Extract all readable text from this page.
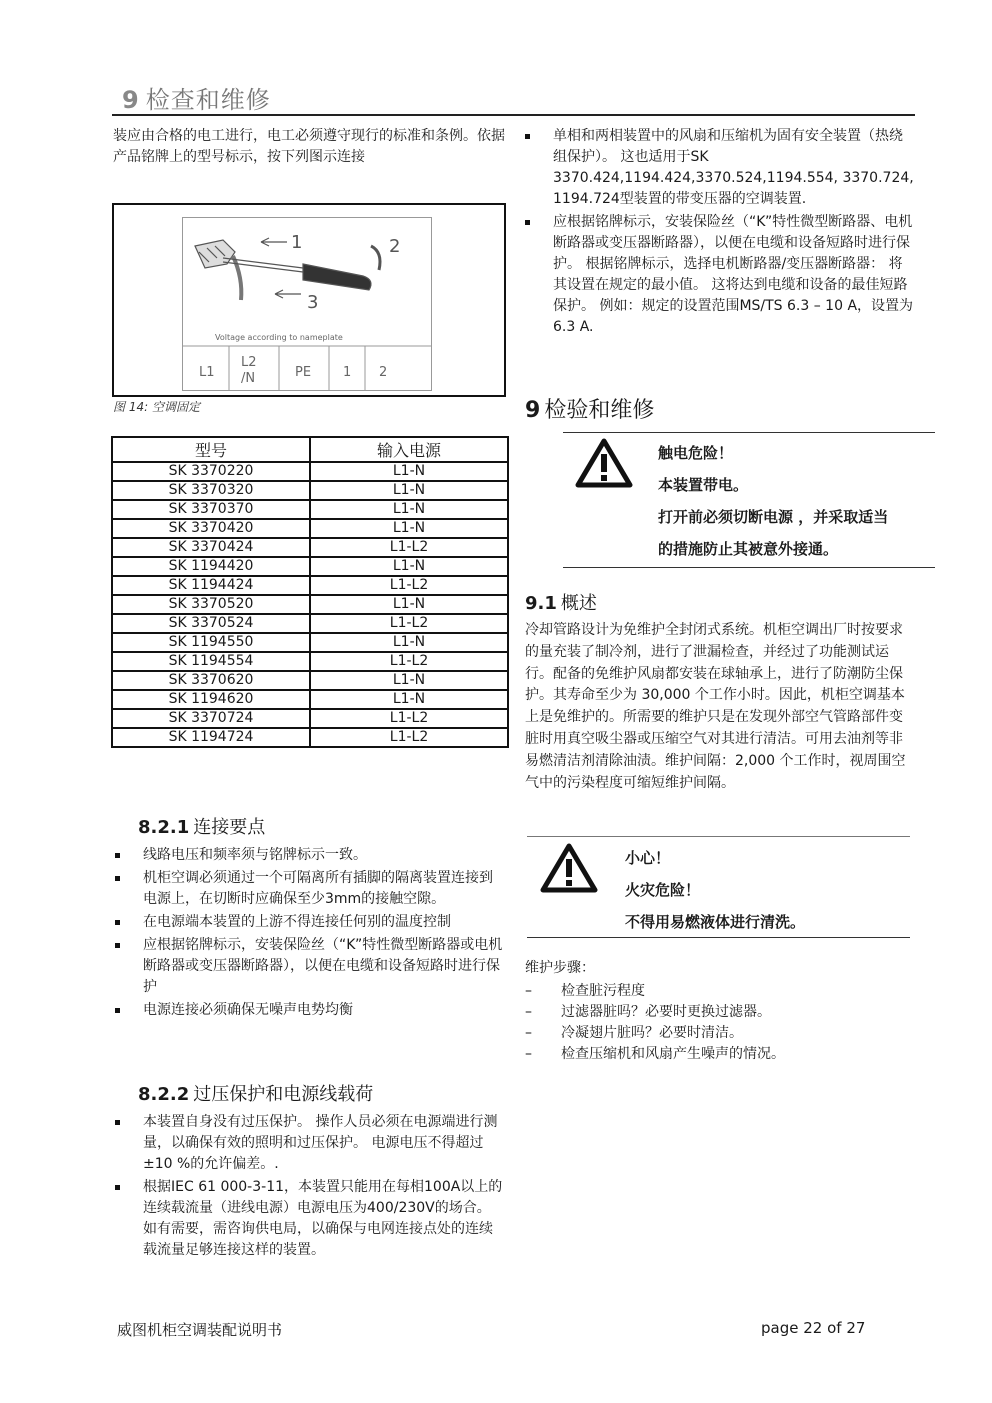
9 检查和维修
装应由合格的电工进行，电工必须遵守现行的标准和条例。依据产品铭牌上的型号标示，按下列图示连接
1	2
3
Voltage according to nameplate
L1
L2 /N	PE 1 2
图 14: 空调固定
型号	输入电源
SK 3370220	L1-N
SK 3370320	L1-N
SK 3370370	L1-N
SK 3370420	L1-N
SK 3370424	L1-L2
SK 1194420	L1-N
SK 1194424	L1-L2
SK 3370520	L1-N
SK 3370524	L1-L2
SK 1194550	L1-N
SK 1194554	L1-L2
SK 3370620	L1-N
SK 1194620	L1-N
SK 3370724	L1-L2
SK 1194724	L1-L2
8.2.1 连接要点
线路电压和频率须与铭牌标示一致。
机柜空调必须通过一个可隔离所有插脚的隔离装置连接到电源上，在切断时应确保至少3mm的接触空隙。
在电源端本装置的上游不得连接任何别的温度控制
应根据铭牌标示，安装保险丝（“K”特性微型断路器或电机断路器或变压器断路器），以便在电缆和设备短路时进行保护
电源连接必须确保无噪声电势均衡
8.2.2 过压保护和电源线载荷
本装置自身没有过压保护。 操作人员必须在电源端进行测量，以确保有效的照明和过压保护。 电源电压不得超过±10 %的允许偏差。.
根据IEC 61 000-3-11，本装置只能用在每相100A以上的连续载流量（进线电源）电源电压为400/230V的场合。如有需要，需咨询供电局，以确保与电网连接点处的连续载流量足够连接这样的装置。
单相和两相装置中的风扇和压缩机为固有安全装置（热绕组保护）。 这也适用于SK 3370.424,1194.424,3370.524,1194.554, 3370.724, 1194.724型装置的带变压器的空调装置.
应根据铭牌标示，安装保险丝（“K”特性微型断路器、电机断路器或变压器断路器），以便在电缆和设备短路时进行保护。 根据铭牌标示，选择电机断路器/变压器断路器： 将其设置在规定的最小值。 这将达到电缆和设备的最佳短路保护。 例如：规定的设置范围MS/TS 6.3 – 10 A，设置为 6.3 A.
9 检验和维修
触电危险！
本装置带电。
打开前必须切断电源 ，并采取适当
的措施防止其被意外接通。
9.1 概述
冷却管路设计为免维护全封闭式系统。机柜空调出厂时按要求的量充装了制冷剂，进行了泄漏检查，并经过了功能测试运行。配备的免维护风扇都安装在球轴承上，进行了防潮防尘保护。其寿命至少为 30,000 个工作小时。因此，机柜空调基本上是免维护的。所需要的维护只是在发现外部空气管路部件变脏时用真空吸尘器或压缩空气对其进行清洁。可用去油剂等非易燃清洁剂清除油渍。维护间隔：2,000 个工作时，视周围空气中的污染程度可缩短维护间隔。
小心！
火灾危险！
不得用易燃液体进行清洗。
维护步骤：
– 检查脏污程度
– 过滤器脏吗？必要时更换过滤器。
– 冷凝翅片脏吗？必要时清洁。
– 检查压缩机和风扇产生噪声的情况。
威图机柜空调装配说明书	page 22 of 27
